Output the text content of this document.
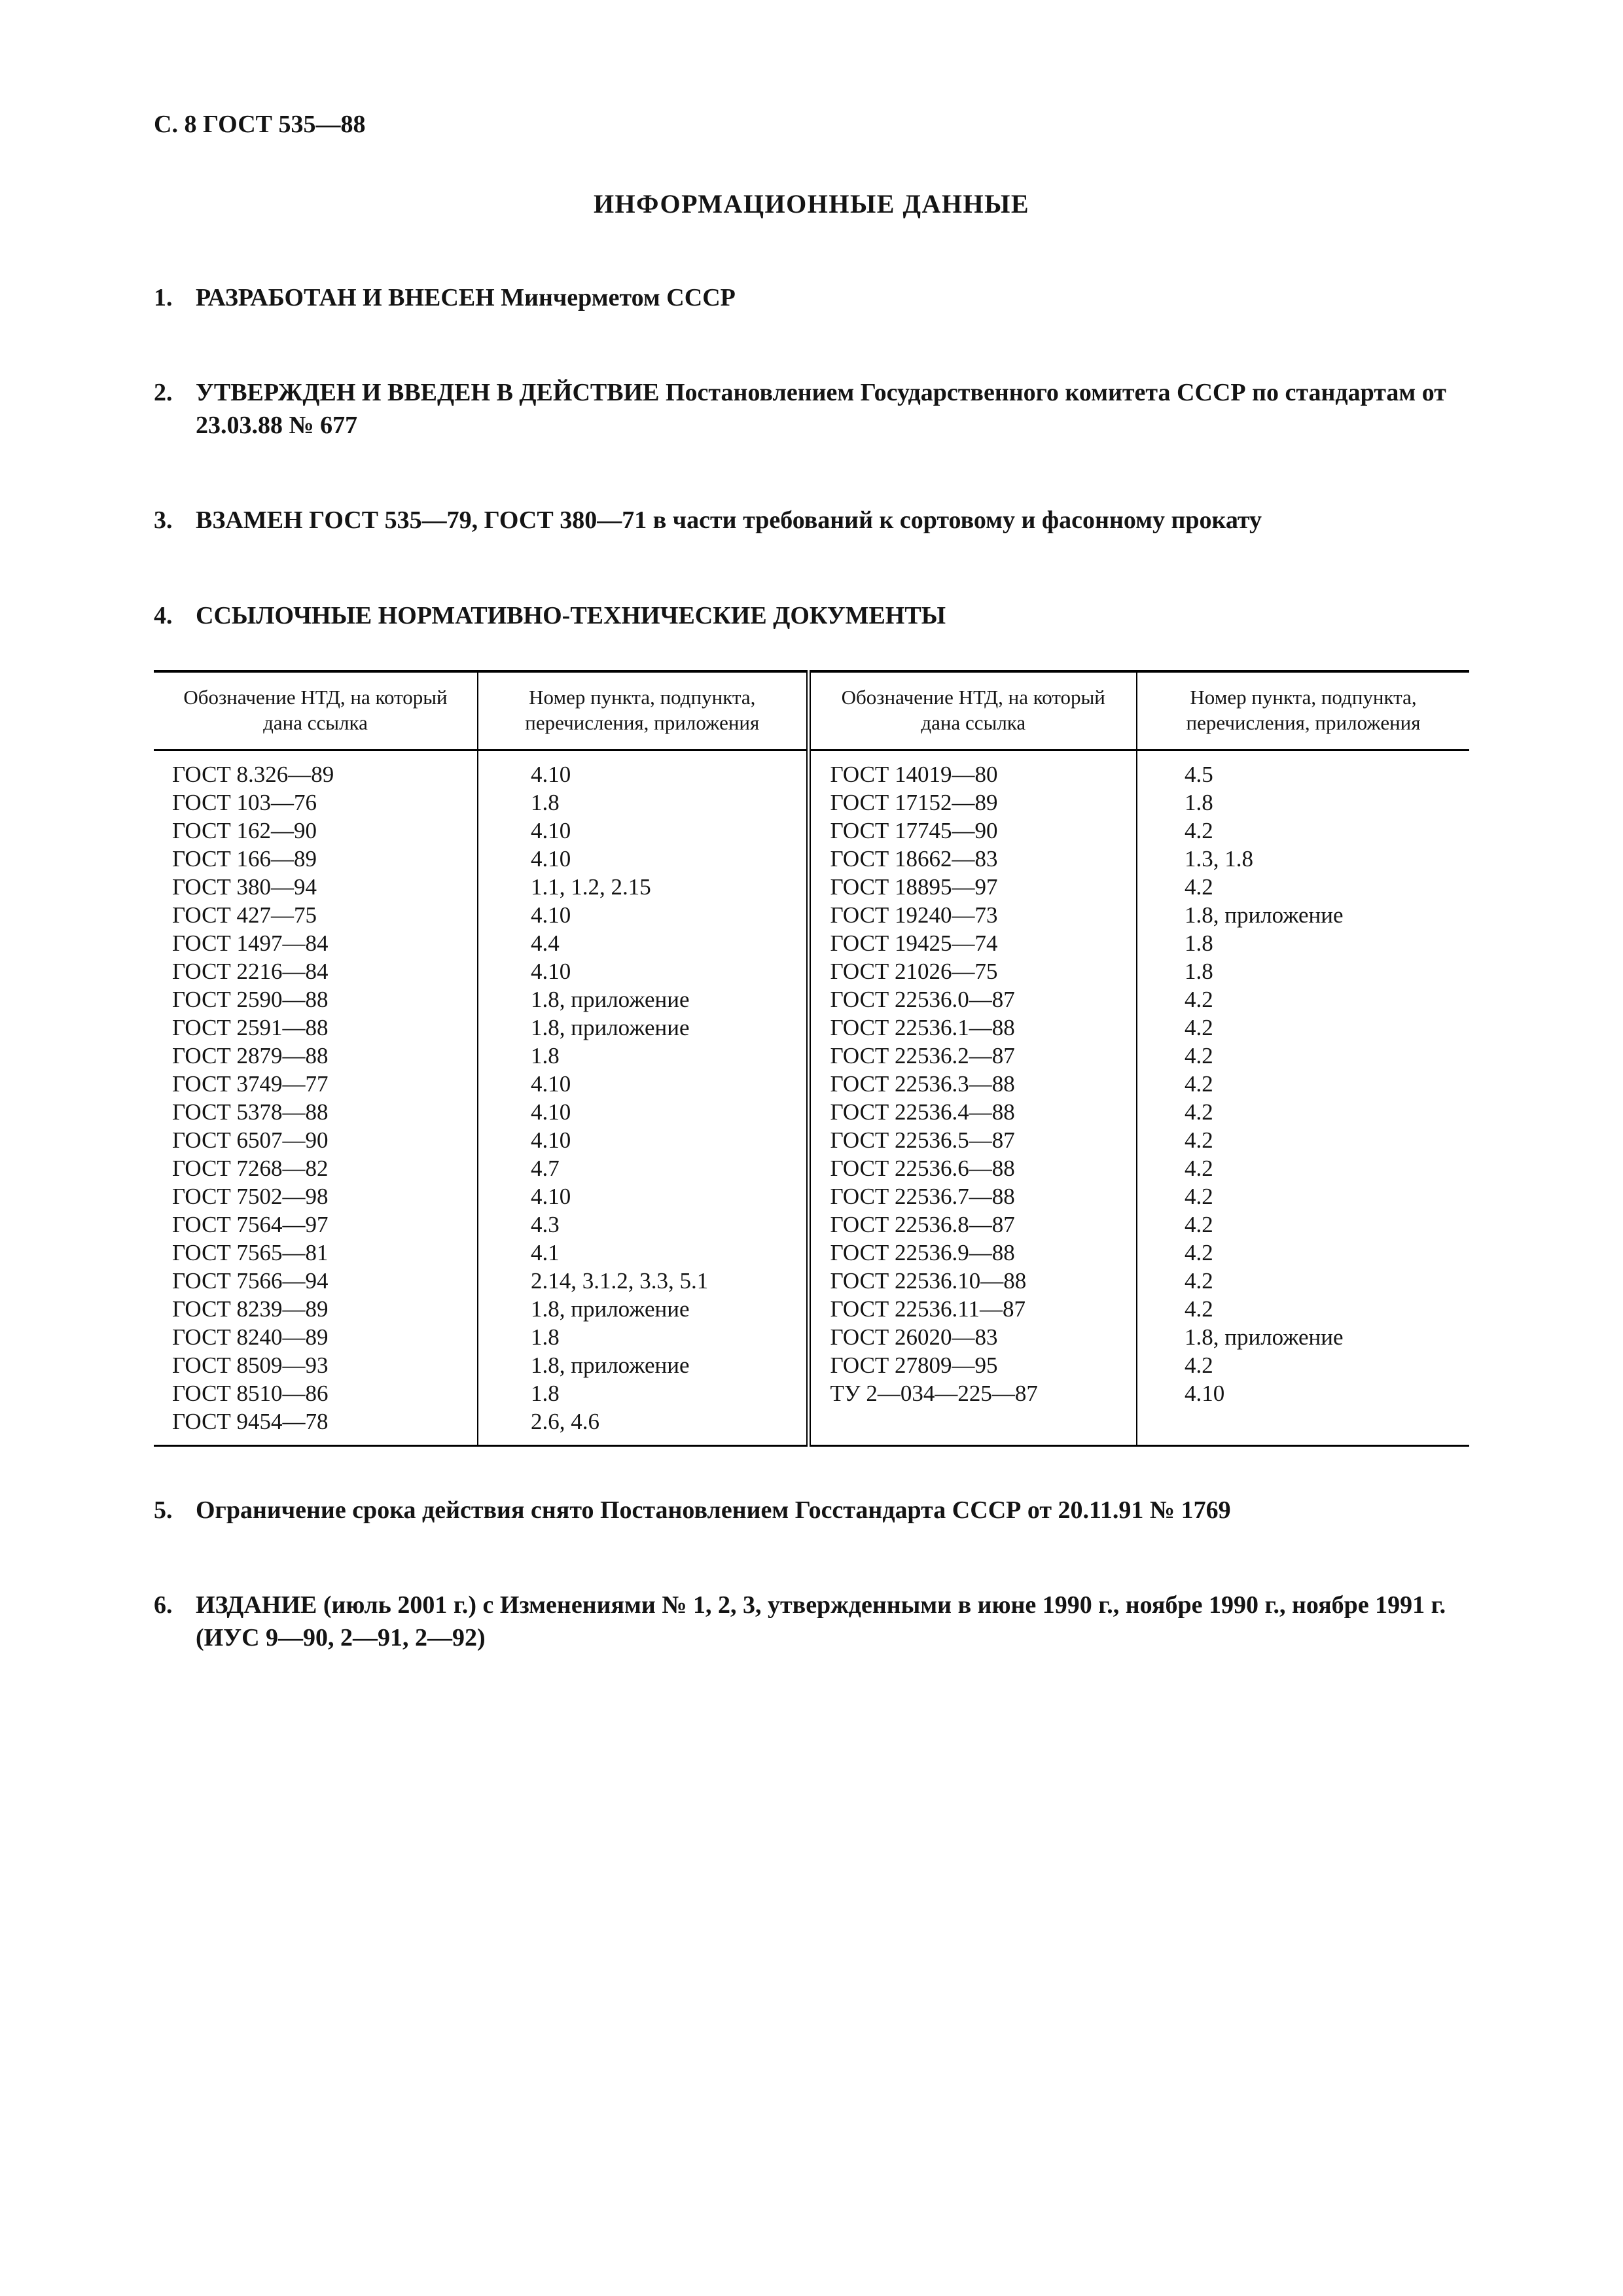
С. 8 ГОСТ 535—88
ИНФОРМАЦИОННЫЕ ДАННЫЕ
1. РАЗРАБОТАН И ВНЕСЕН Минчерметом СССР
2. УТВЕРЖДЕН И ВВЕДЕН В ДЕЙСТВИЕ Постановлением Государственного комитета СССР по стандартам от 23.03.88 № 677
3. ВЗАМЕН ГОСТ 535—79, ГОСТ 380—71 в части требований к сортовому и фасонному прокату
4. ССЫЛОЧНЫЕ НОРМАТИВНО-ТЕХНИЧЕСКИЕ ДОКУМЕНТЫ
Обозначение НТД, на который дана ссылка	Номер пункта, подпункта, перечисления, приложения	Обозначение НТД, на который дана ссылка	Номер пункта, подпункта, перечисления, приложения
ГОСТ 8.326—89	4.10	ГОСТ 14019—80	4.5
ГОСТ 103—76	1.8	ГОСТ 17152—89	1.8
ГОСТ 162—90	4.10	ГОСТ 17745—90	4.2
ГОСТ 166—89	4.10	ГОСТ 18662—83	1.3, 1.8
ГОСТ 380—94	1.1, 1.2, 2.15	ГОСТ 18895—97	4.2
ГОСТ 427—75	4.10	ГОСТ 19240—73	1.8, приложение
ГОСТ 1497—84	4.4	ГОСТ 19425—74	1.8
ГОСТ 2216—84	4.10	ГОСТ 21026—75	1.8
ГОСТ 2590—88	1.8, приложение	ГОСТ 22536.0—87	4.2
ГОСТ 2591—88	1.8, приложение	ГОСТ 22536.1—88	4.2
ГОСТ 2879—88	1.8	ГОСТ 22536.2—87	4.2
ГОСТ 3749—77	4.10	ГОСТ 22536.3—88	4.2
ГОСТ 5378—88	4.10	ГОСТ 22536.4—88	4.2
ГОСТ 6507—90	4.10	ГОСТ 22536.5—87	4.2
ГОСТ 7268—82	4.7	ГОСТ 22536.6—88	4.2
ГОСТ 7502—98	4.10	ГОСТ 22536.7—88	4.2
ГОСТ 7564—97	4.3	ГОСТ 22536.8—87	4.2
ГОСТ 7565—81	4.1	ГОСТ 22536.9—88	4.2
ГОСТ 7566—94	2.14, 3.1.2, 3.3, 5.1	ГОСТ 22536.10—88	4.2
ГОСТ 8239—89	1.8, приложение	ГОСТ 22536.11—87	4.2
ГОСТ 8240—89	1.8	ГОСТ 26020—83	1.8, приложение
ГОСТ 8509—93	1.8, приложение	ГОСТ 27809—95	4.2
ГОСТ 8510—86	1.8	ТУ 2—034—225—87	4.10
ГОСТ 9454—78	2.6, 4.6		
5. Ограничение срока действия снято Постановлением Госстандарта СССР от 20.11.91 № 1769
6. ИЗДАНИЕ (июль 2001 г.) с Изменениями № 1, 2, 3, утвержденными в июне 1990 г., ноябре 1990 г., ноябре 1991 г. (ИУС 9—90, 2—91, 2—92)
